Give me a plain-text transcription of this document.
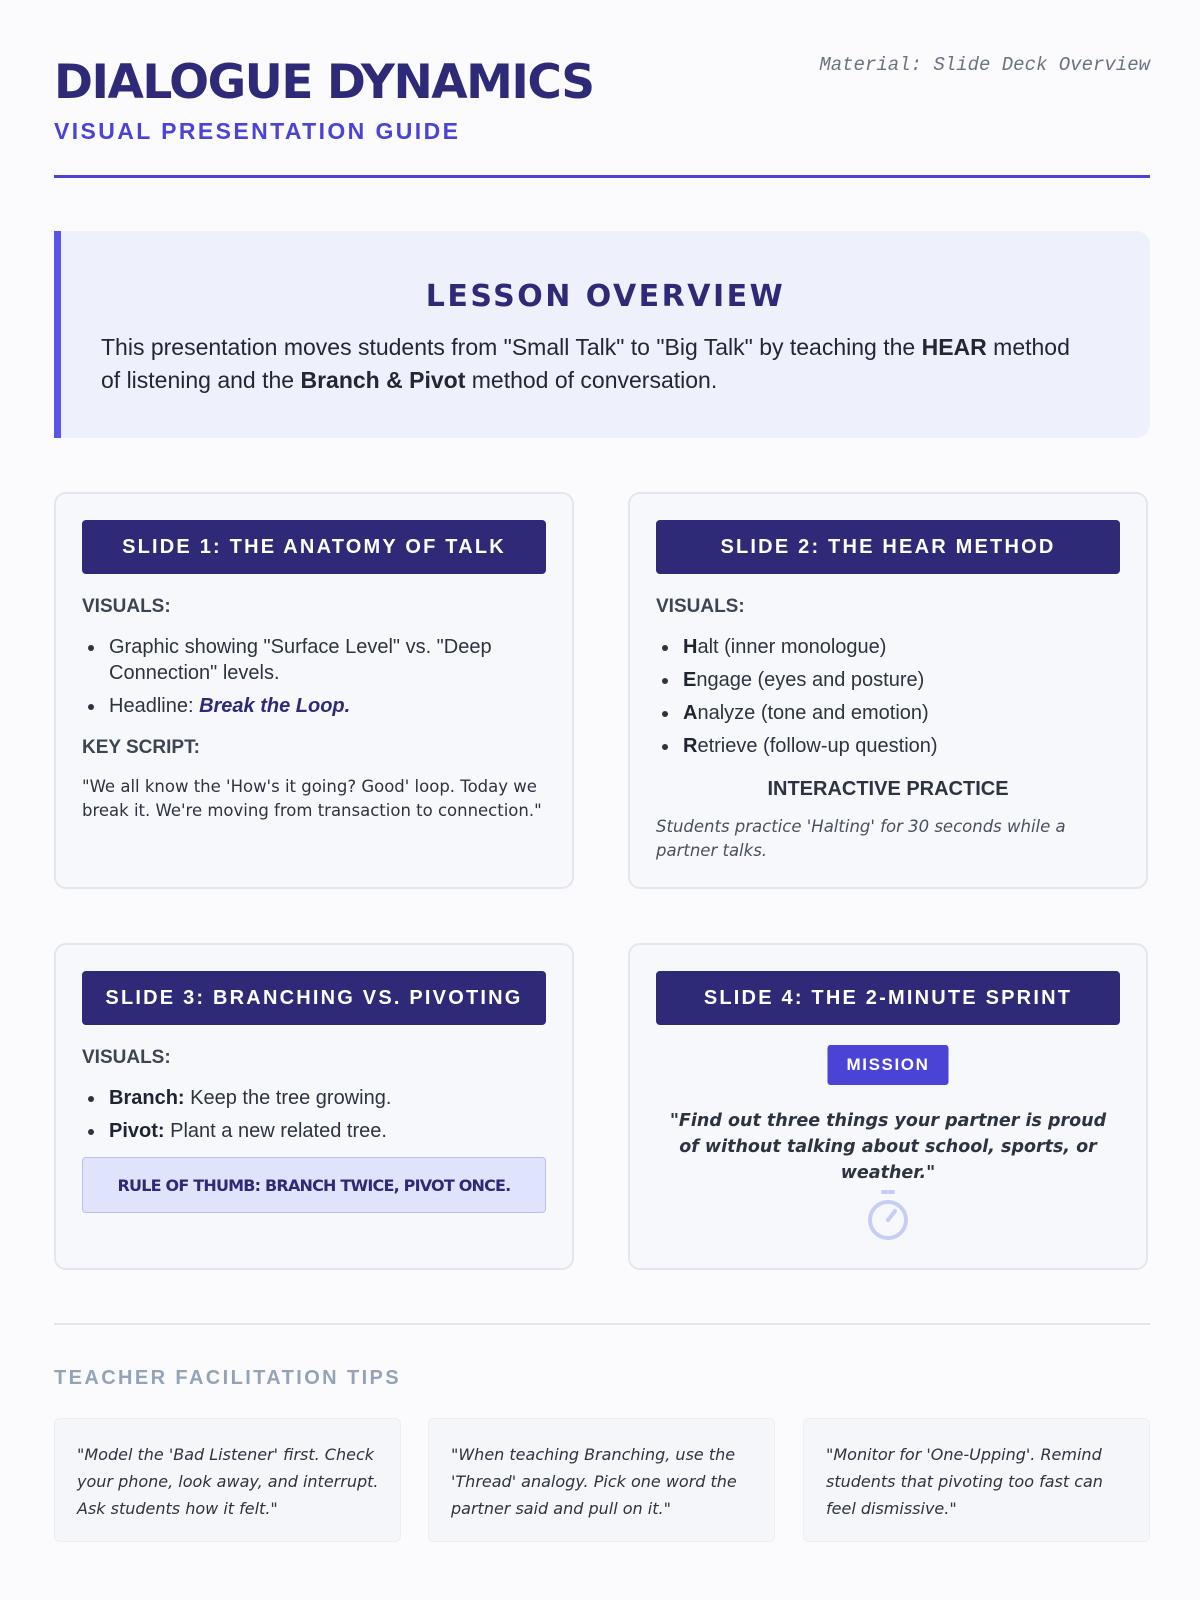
DIALOGUE DYNAMICS
VISUAL PRESENTATION GUIDE
Material: Slide Deck Overview
LESSON OVERVIEW

This presentation moves students from "Small Talk" to "Big Talk" by teaching the HEAR method of listening and the Branch & Pivot method of conversation.

SLIDE 1: THE ANATOMY OF TALK
VISUALS:
Graphic showing "Surface Level" vs. "Deep Connection" levels.
Headline: Break the Loop.
KEY SCRIPT:
"We all know the 'How's it going? Good' loop. Today we break it. We're moving from transaction to connection."
SLIDE 2: THE HEAR METHOD
VISUALS:
Halt (inner monologue)
Engage (eyes and posture)
Analyze (tone and emotion)
Retrieve (follow-up question)
INTERACTIVE PRACTICE
Students practice 'Halting' for 30 seconds while a partner talks.
SLIDE 3: BRANCHING VS. PIVOTING
VISUALS:
Branch: Keep the tree growing.
Pivot: Plant a new related tree.
RULE OF THUMB: BRANCH TWICE, PIVOT ONCE.
SLIDE 4: THE 2-MINUTE SPRINT
MISSION
"Find out three things your partner is proud of without talking about school, sports, or weather."
TEACHER FACILITATION TIPS
"Model the 'Bad Listener' first. Check your phone, look away, and interrupt. Ask students how it felt."
"When teaching Branching, use the 'Thread' analogy. Pick one word the partner said and pull on it."
"Monitor for 'One-Upping'. Remind students that pivoting too fast can feel dismissive."
